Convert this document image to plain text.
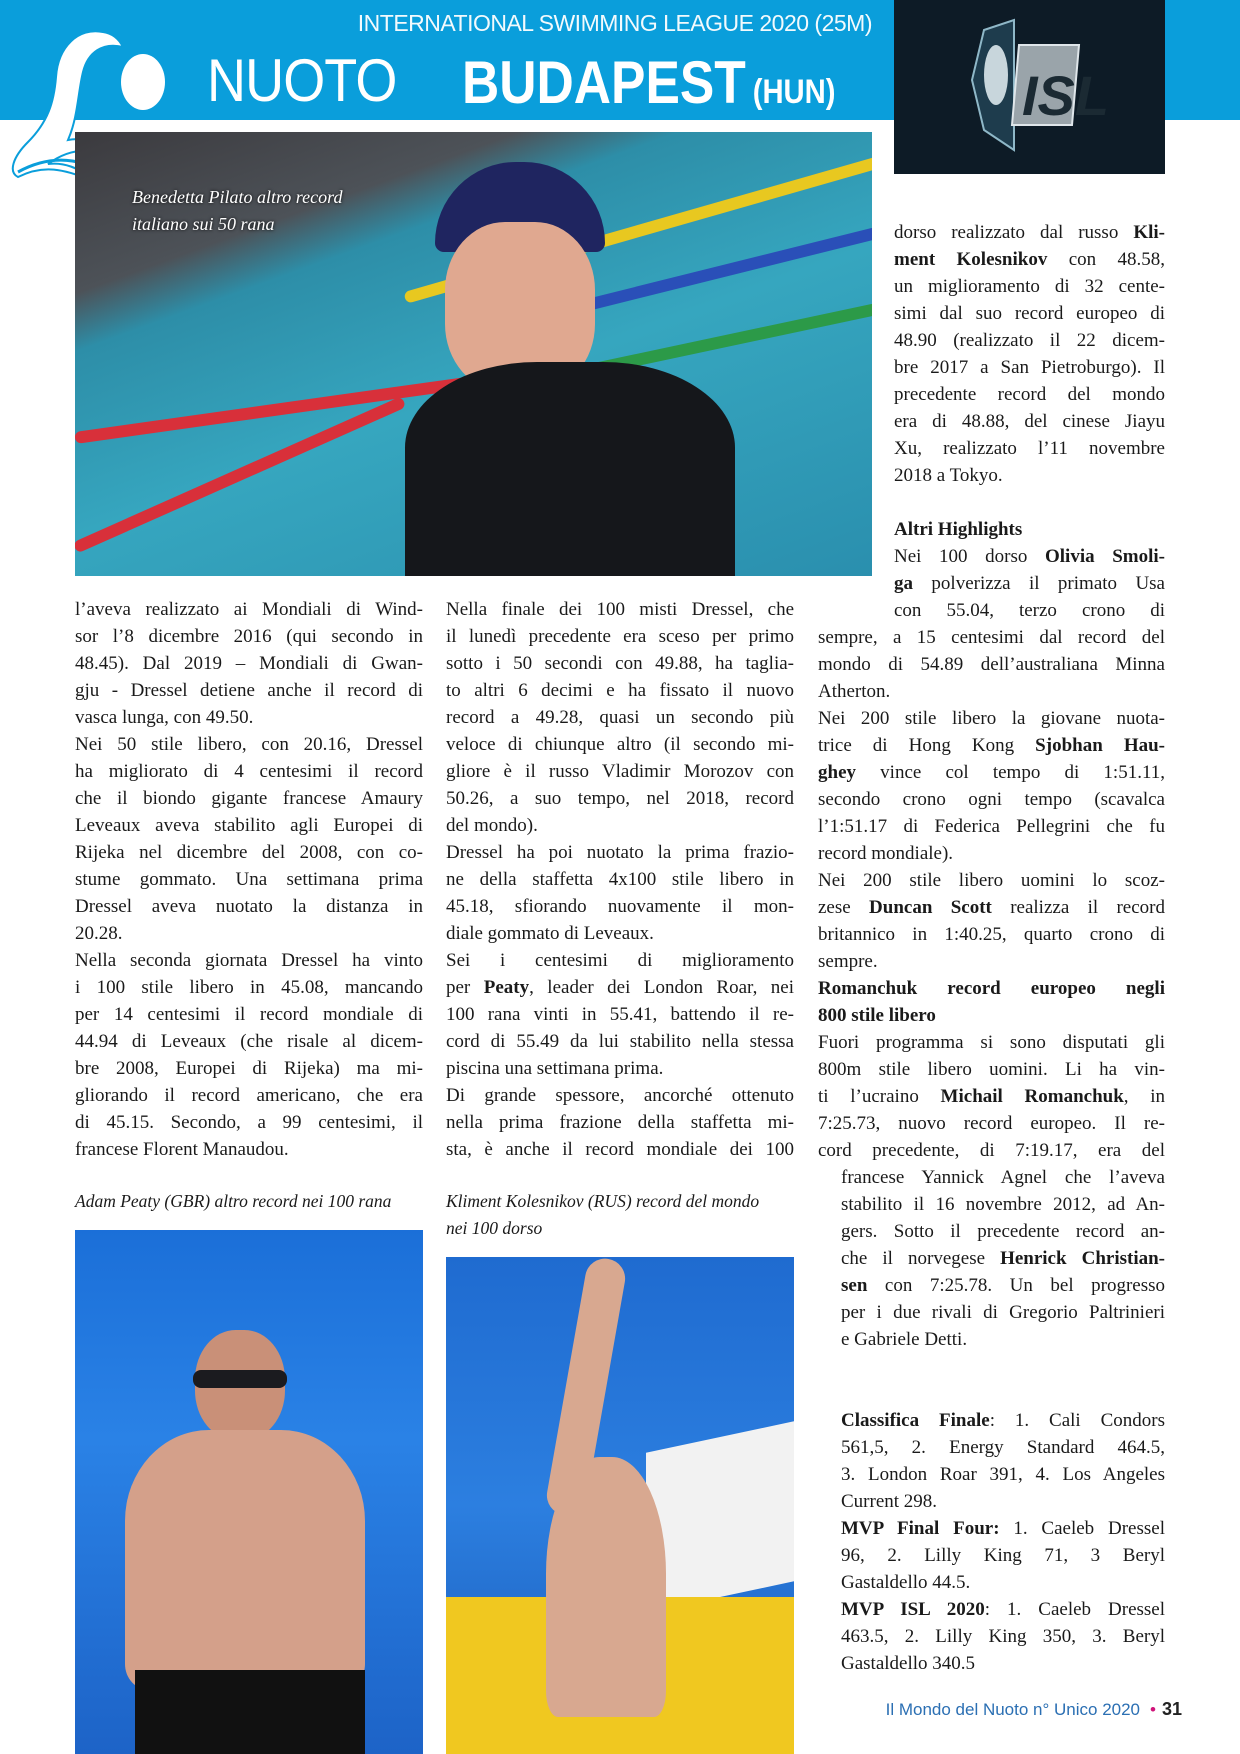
INTERNATIONAL SWIMMING LEAGUE 2020 (25M)
NUOTO BUDAPEST (HUN)	ISL
Benedetta Pilato altro record
italiano sui 50 rana
l’aveva realizzato ai Mondiali di Wind-
sor l’8 dicembre 2016 (qui secondo in
48.45). Dal 2019 – Mondiali di Gwan-
gju - Dressel detiene anche il record di
vasca lunga, con 49.50.
Nei 50 stile libero, con 20.16, Dressel
ha migliorato di 4 centesimi il record
che il biondo gigante francese Amaury
Leveaux aveva stabilito agli Europei di
Rijeka nel dicembre del 2008, con co-
stume gommato. Una settimana prima
Dressel aveva nuotato la distanza in
20.28.
Nella seconda giornata Dressel ha vinto
i 100 stile libero in 45.08, mancando
per 14 centesimi il record mondiale di
44.94 di Leveaux (che risale al dicem-
bre 2008, Europei di Rijeka) ma mi-
gliorando il record americano, che era
di 45.15. Secondo, a 99 centesimi, il
francese Florent Manaudou.
Nella finale dei 100 misti Dressel, che
il lunedì precedente era sceso per primo
sotto i 50 secondi con 49.88, ha taglia-
to altri 6 decimi e ha fissato il nuovo
record a 49.28, quasi un secondo più
veloce di chiunque altro (il secondo mi-
gliore è il russo Vladimir Morozov con
50.26, a suo tempo, nel 2018, record
del mondo).
Dressel ha poi nuotato la prima frazio-
ne della staffetta 4x100 stile libero in
45.18, sfiorando nuovamente il mon-
diale gommato di Leveaux.
Sei i centesimi di miglioramento
per Peaty, leader dei London Roar, nei
100 rana vinti in 55.41, battendo il re-
cord di 55.49 da lui stabilito nella stessa
piscina una settimana prima.
Di grande spessore, ancorché ottenuto
nella prima frazione della staffetta mi-
sta, è anche il record mondiale dei 100
dorso realizzato dal russo Kli-
ment Kolesnikov con 48.58,
un miglioramento di 32 cente-
simi dal suo record europeo di
48.90 (realizzato il 22 dicem-
bre 2017 a San Pietroburgo). Il
precedente record del mondo
era di 48.88, del cinese Jiayu
Xu, realizzato l’11 novembre
2018 a Tokyo.
Altri Highlights
Nei 100 dorso Olivia Smoli-
ga polverizza il primato Usa
con 55.04, terzo crono di
sempre, a 15 centesimi dal record del
mondo di 54.89 dell’australiana Minna
Atherton.
Nei 200 stile libero la giovane nuota-
trice di Hong Kong Sjobhan Hau-
ghey vince col tempo di 1:51.11,
secondo crono ogni tempo (scavalca
l’1:51.17 di Federica Pellegrini che fu
record mondiale).
Nei 200 stile libero uomini lo scoz-
zese Duncan Scott realizza il record
britannico in 1:40.25, quarto crono di
sempre.
Romanchuk record europeo negli
800 stile libero
Fuori programma si sono disputati gli
800m stile libero uomini. Li ha vin-
ti l’ucraino Michail Romanchuk, in
7:25.73, nuovo record europeo. Il re-
cord precedente, di 7:19.17, era del
francese Yannick Agnel che l’aveva
stabilito il 16 novembre 2012, ad An-
gers. Sotto il precedente record an-
che il norvegese Henrick Christian-
sen con 7:25.78. Un bel progresso
per i due rivali di Gregorio Paltrinieri
e Gabriele Detti.
Classifica Finale: 1. Cali Condors
561,5, 2. Energy Standard 464.5,
3. London Roar 391, 4. Los Angeles
Current 298.
MVP Final Four: 1. Caeleb Dressel
96, 2. Lilly King 71, 3 Beryl
Gastaldello 44.5.
MVP ISL 2020: 1. Caeleb Dressel
463.5, 2. Lilly King 350, 3. Beryl
Gastaldello 340.5
Adam Peaty (GBR) altro record nei 100 rana	Kliment Kolesnikov (RUS) record del mondo
nei 100 dorso
Il Mondo del Nuoto n° Unico 2020 • 31
